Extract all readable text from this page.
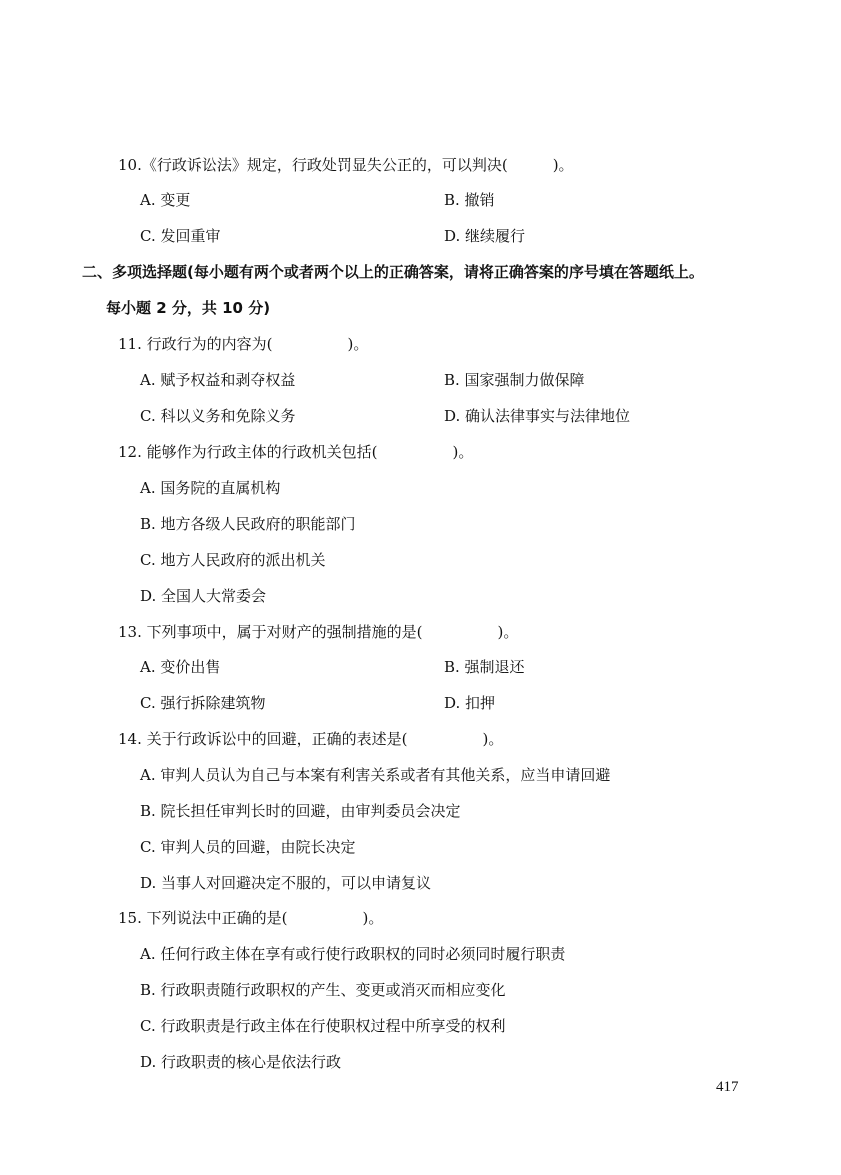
10.《行政诉讼法》规定，行政处罚显失公正的，可以判决(　　　)。
A. 变更	B. 撤销
C. 发回重审	D. 继续履行
二、多项选择题(每小题有两个或者两个以上的正确答案，请将正确答案的序号填在答题纸上。
每小题 2 分，共 10 分)
11. 行政行为的内容为(　　　　　)。
A. 赋予权益和剥夺权益	B. 国家强制力做保障
C. 科以义务和免除义务	D. 确认法律事实与法律地位
12. 能够作为行政主体的行政机关包括(　　　　　)。
A. 国务院的直属机构
B. 地方各级人民政府的职能部门
C. 地方人民政府的派出机关
D. 全国人大常委会
13. 下列事项中，属于对财产的强制措施的是(　　　　　)。
A. 变价出售	B. 强制退还
C. 强行拆除建筑物	D. 扣押
14. 关于行政诉讼中的回避，正确的表述是(　　　　　)。
A. 审判人员认为自己与本案有利害关系或者有其他关系，应当申请回避
B. 院长担任审判长时的回避，由审判委员会决定
C. 审判人员的回避，由院长决定
D. 当事人对回避决定不服的，可以申请复议
15. 下列说法中正确的是(　　　　　)。
A. 任何行政主体在享有或行使行政职权的同时必须同时履行职责
B. 行政职责随行政职权的产生、变更或消灭而相应变化
C. 行政职责是行政主体在行使职权过程中所享受的权利
D. 行政职责的核心是依法行政
417
